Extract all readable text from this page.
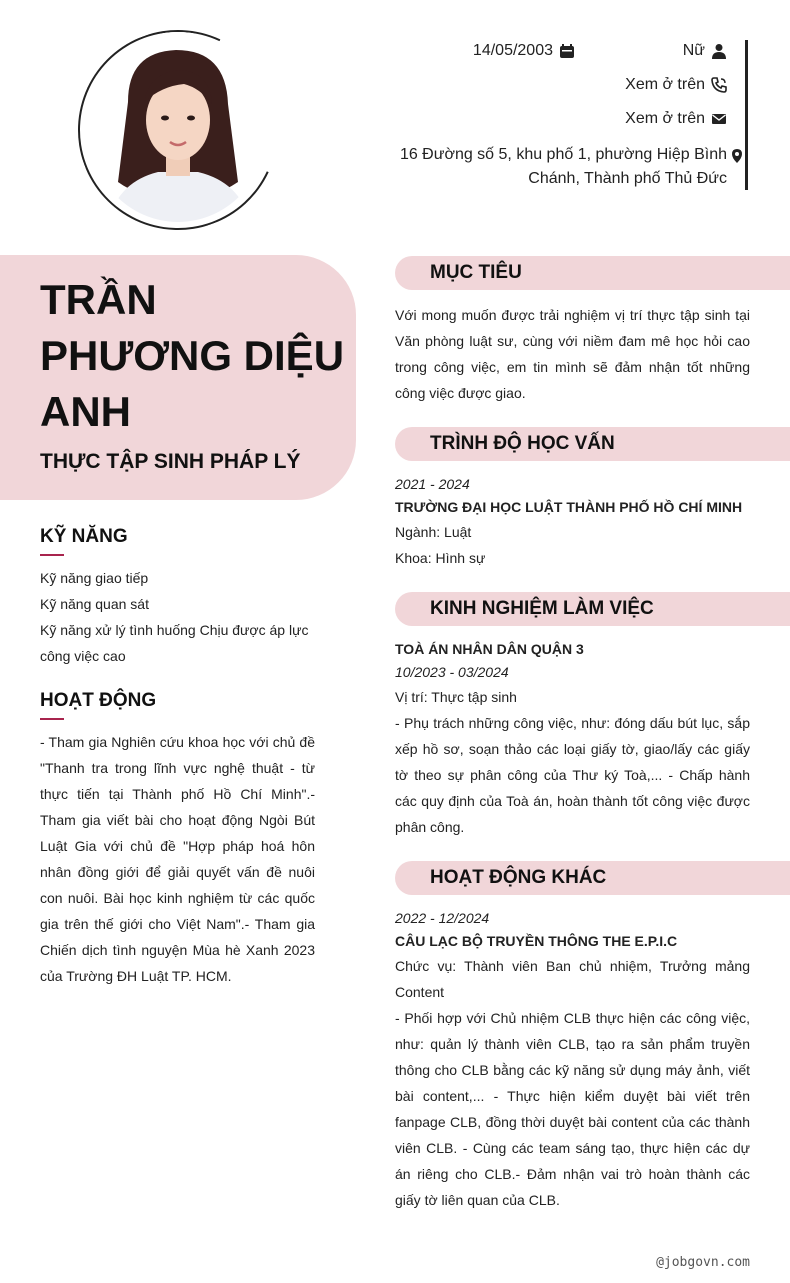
14/05/2003	Nữ
Xem ở trên
Xem ở trên
16 Đường số 5, khu phố 1, phường Hiệp Bình Chánh, Thành phố Thủ Đức
TRẦN PHƯƠNG DIỆU ANH
THỰC TẬP SINH PHÁP LÝ
KỸ NĂNG
Kỹ năng giao tiếp
Kỹ năng quan sát
Kỹ năng xử lý tình huống Chịu được áp lực công việc cao
HOẠT ĐỘNG
- Tham gia Nghiên cứu khoa học với chủ đề "Thanh tra trong lĩnh vực nghệ thuật - từ thực tiến tại Thành phố Hồ Chí Minh".- Tham gia viết bài cho hoạt động Ngòi Bút Luật Gia với chủ đề "Hợp pháp hoá hôn nhân đồng giới để giải quyết vấn đề nuôi con nuôi. Bài học kinh nghiệm từ các quốc gia trên thế giới cho Việt Nam".- Tham gia Chiến dịch tình nguyện Mùa hè Xanh 2023 của Trường ĐH Luật TP. HCM.
MỤC TIÊU
Với mong muốn được trải nghiệm vị trí thực tập sinh tại Văn phòng luật sư, cùng với niềm đam mê học hỏi cao trong công việc, em tin mình sẽ đảm nhận tốt những công việc được giao.
TRÌNH ĐỘ HỌC VẤN
2021 - 2024
TRƯỜNG ĐẠI HỌC LUẬT THÀNH PHỐ HỒ CHÍ MINH
Ngành: Luật
Khoa: Hình sự
KINH NGHIỆM LÀM VIỆC
TOÀ ÁN NHÂN DÂN QUẬN 3
10/2023 - 03/2024
Vị trí: Thực tập sinh
- Phụ trách những công việc, như: đóng dấu bút lục, sắp xếp hồ sơ, soạn thảo các loại giấy tờ, giao/lấy các giấy tờ theo sự phân công của Thư ký Toà,... - Chấp hành các quy định của Toà án, hoàn thành tốt công việc được phân công.
HOẠT ĐỘNG KHÁC
2022 - 12/2024
CÂU LẠC BỘ TRUYỀN THÔNG THE E.P.I.C
Chức vụ: Thành viên Ban chủ nhiệm, Trưởng mảng Content
- Phối hợp với Chủ nhiệm CLB thực hiện các công việc, như: quản lý thành viên CLB, tạo ra sản phẩm truyền thông cho CLB bằng các kỹ năng sử dụng máy ảnh, viết bài content,... - Thực hiện kiểm duyệt bài viết trên fanpage CLB, đồng thời duyệt bài content của các thành viên CLB. - Cùng các team sáng tạo, thực hiện các dự án riêng cho CLB.- Đảm nhận vai trò hoàn thành các giấy tờ liên quan của CLB.
@jobgovn.com
